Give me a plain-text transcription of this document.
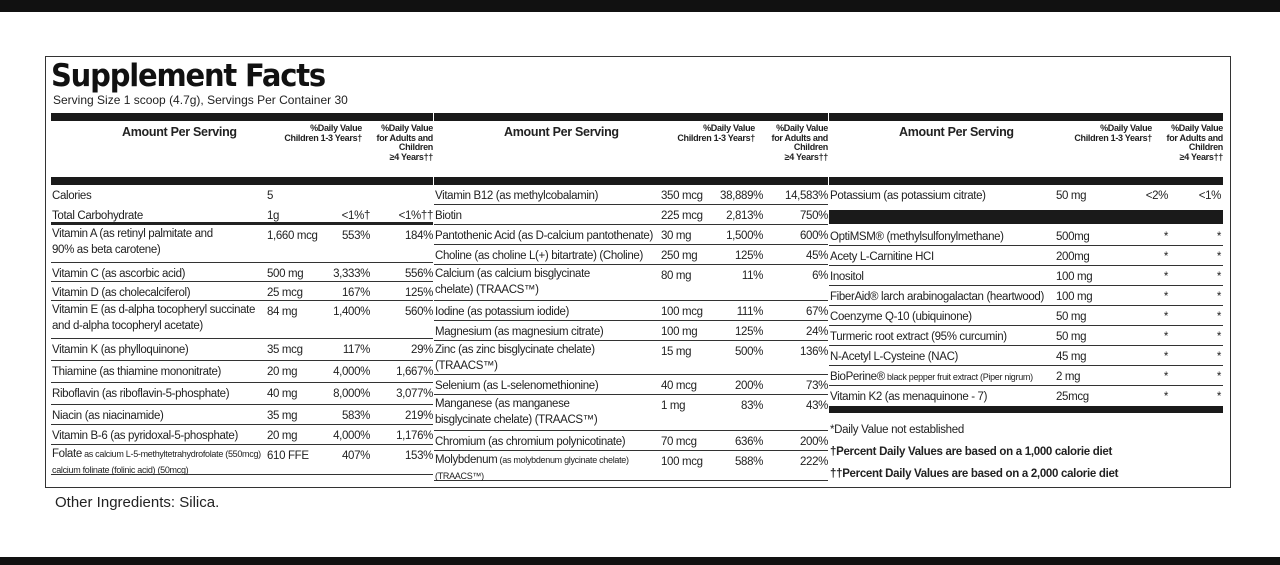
Supplement Facts
Serving Size 1 scoop (4.7g), Servings Per Container 30
Amount Per Serving	%Daily Value
Children 1-3 Years†
%Daily Value
for Adults and
Children
≥4 Years††
Calories	5
Total Carbohydrate	1g	<1%†	<1%††
Vitamin A (as retinyl palmitate and
90% as beta carotene)
1,660 mcg	553%	184%
Vitamin C (as ascorbic acid)	500 mg	3,333%	556%
Vitamin D (as cholecalciferol)	25 mcg	167%	125%
Vitamin E (as d-alpha tocopheryl succinate
and d-alpha tocopheryl acetate)
84 mg	1,400%	560%
Vitamin K (as phylloquinone)	35 mcg	117%	29%
Thiamine (as thiamine mononitrate)	20 mg	4,000%	1,667%
Riboflavin (as riboflavin-5-phosphate)	40 mg	8,000%	3,077%
Niacin (as niacinamide)	35 mg	583%	219%
Vitamin B-6 (as pyridoxal-5-phosphate)	20 mg	4,000%	1,176%
Folate as calcium L-5-methyltetrahydrofolate (550mcg)
calcium folinate (folinic acid) (50mcg)
610 FFE	407%	153%
Amount Per Serving	%Daily Value
Children 1-3 Years†
%Daily Value
for Adults and
Children
≥4 Years††
Vitamin B12 (as methylcobalamin)	350 mcg	38,889%	14,583%
Biotin	225 mcg	2,813%	750%
Pantothenic Acid (as D-calcium pantothenate) 30 mg	1,500%	600%
Choline (as choline L(+) bitartrate) (Choline) 250 mg	125%	45%
Calcium (as calcium bisglycinate
chelate) (TRAACS™)
80 mg	11%	6%
Iodine (as potassium iodide)	100 mcg	111%	67%
Magnesium (as magnesium citrate)	100 mg	125%	24%
Zinc (as zinc bisglycinate chelate)
(TRAACS™)
15 mg	500%	136%
Selenium (as L-selenomethionine)	40 mcg	200%	73%
Manganese (as manganese
bisglycinate chelate) (TRAACS™)
1 mg	83%	43%
Chromium (as chromium polynicotinate)	70 mcg	636%	200%
Molybdenum (as molybdenum glycinate chelate)
(TRAACS™)
100 mcg	588%	222%
Amount Per Serving	%Daily Value
Children 1-3 Years†
%Daily Value
for Adults and
Children
≥4 Years††
Potassium (as potassium citrate)	50 mg	<2%	<1%
OptiMSM® (methylsulfonylmethane)	500mg	*	*
Acety L-Carnitine HCI	200mg	*	*
Inositol	100 mg	*	*
FiberAid® larch arabinogalactan (heartwood) 100 mg	*	*
Coenzyme Q-10 (ubiquinone)	50 mg	*	*
Turmeric root extract (95% curcumin)	50 mg	*	*
N-Acetyl L-Cysteine (NAC)	45 mg	*	*
BioPerine® black pepper fruit extract (Piper nigrum) 2 mg	*	*
Vitamin K2 (as menaquinone - 7)	25mcg	*	*
*Daily Value not established
†Percent Daily Values are based on a 1,000 calorie diet
††Percent Daily Values are based on a 2,000 calorie diet
Other Ingredients: Silica.
